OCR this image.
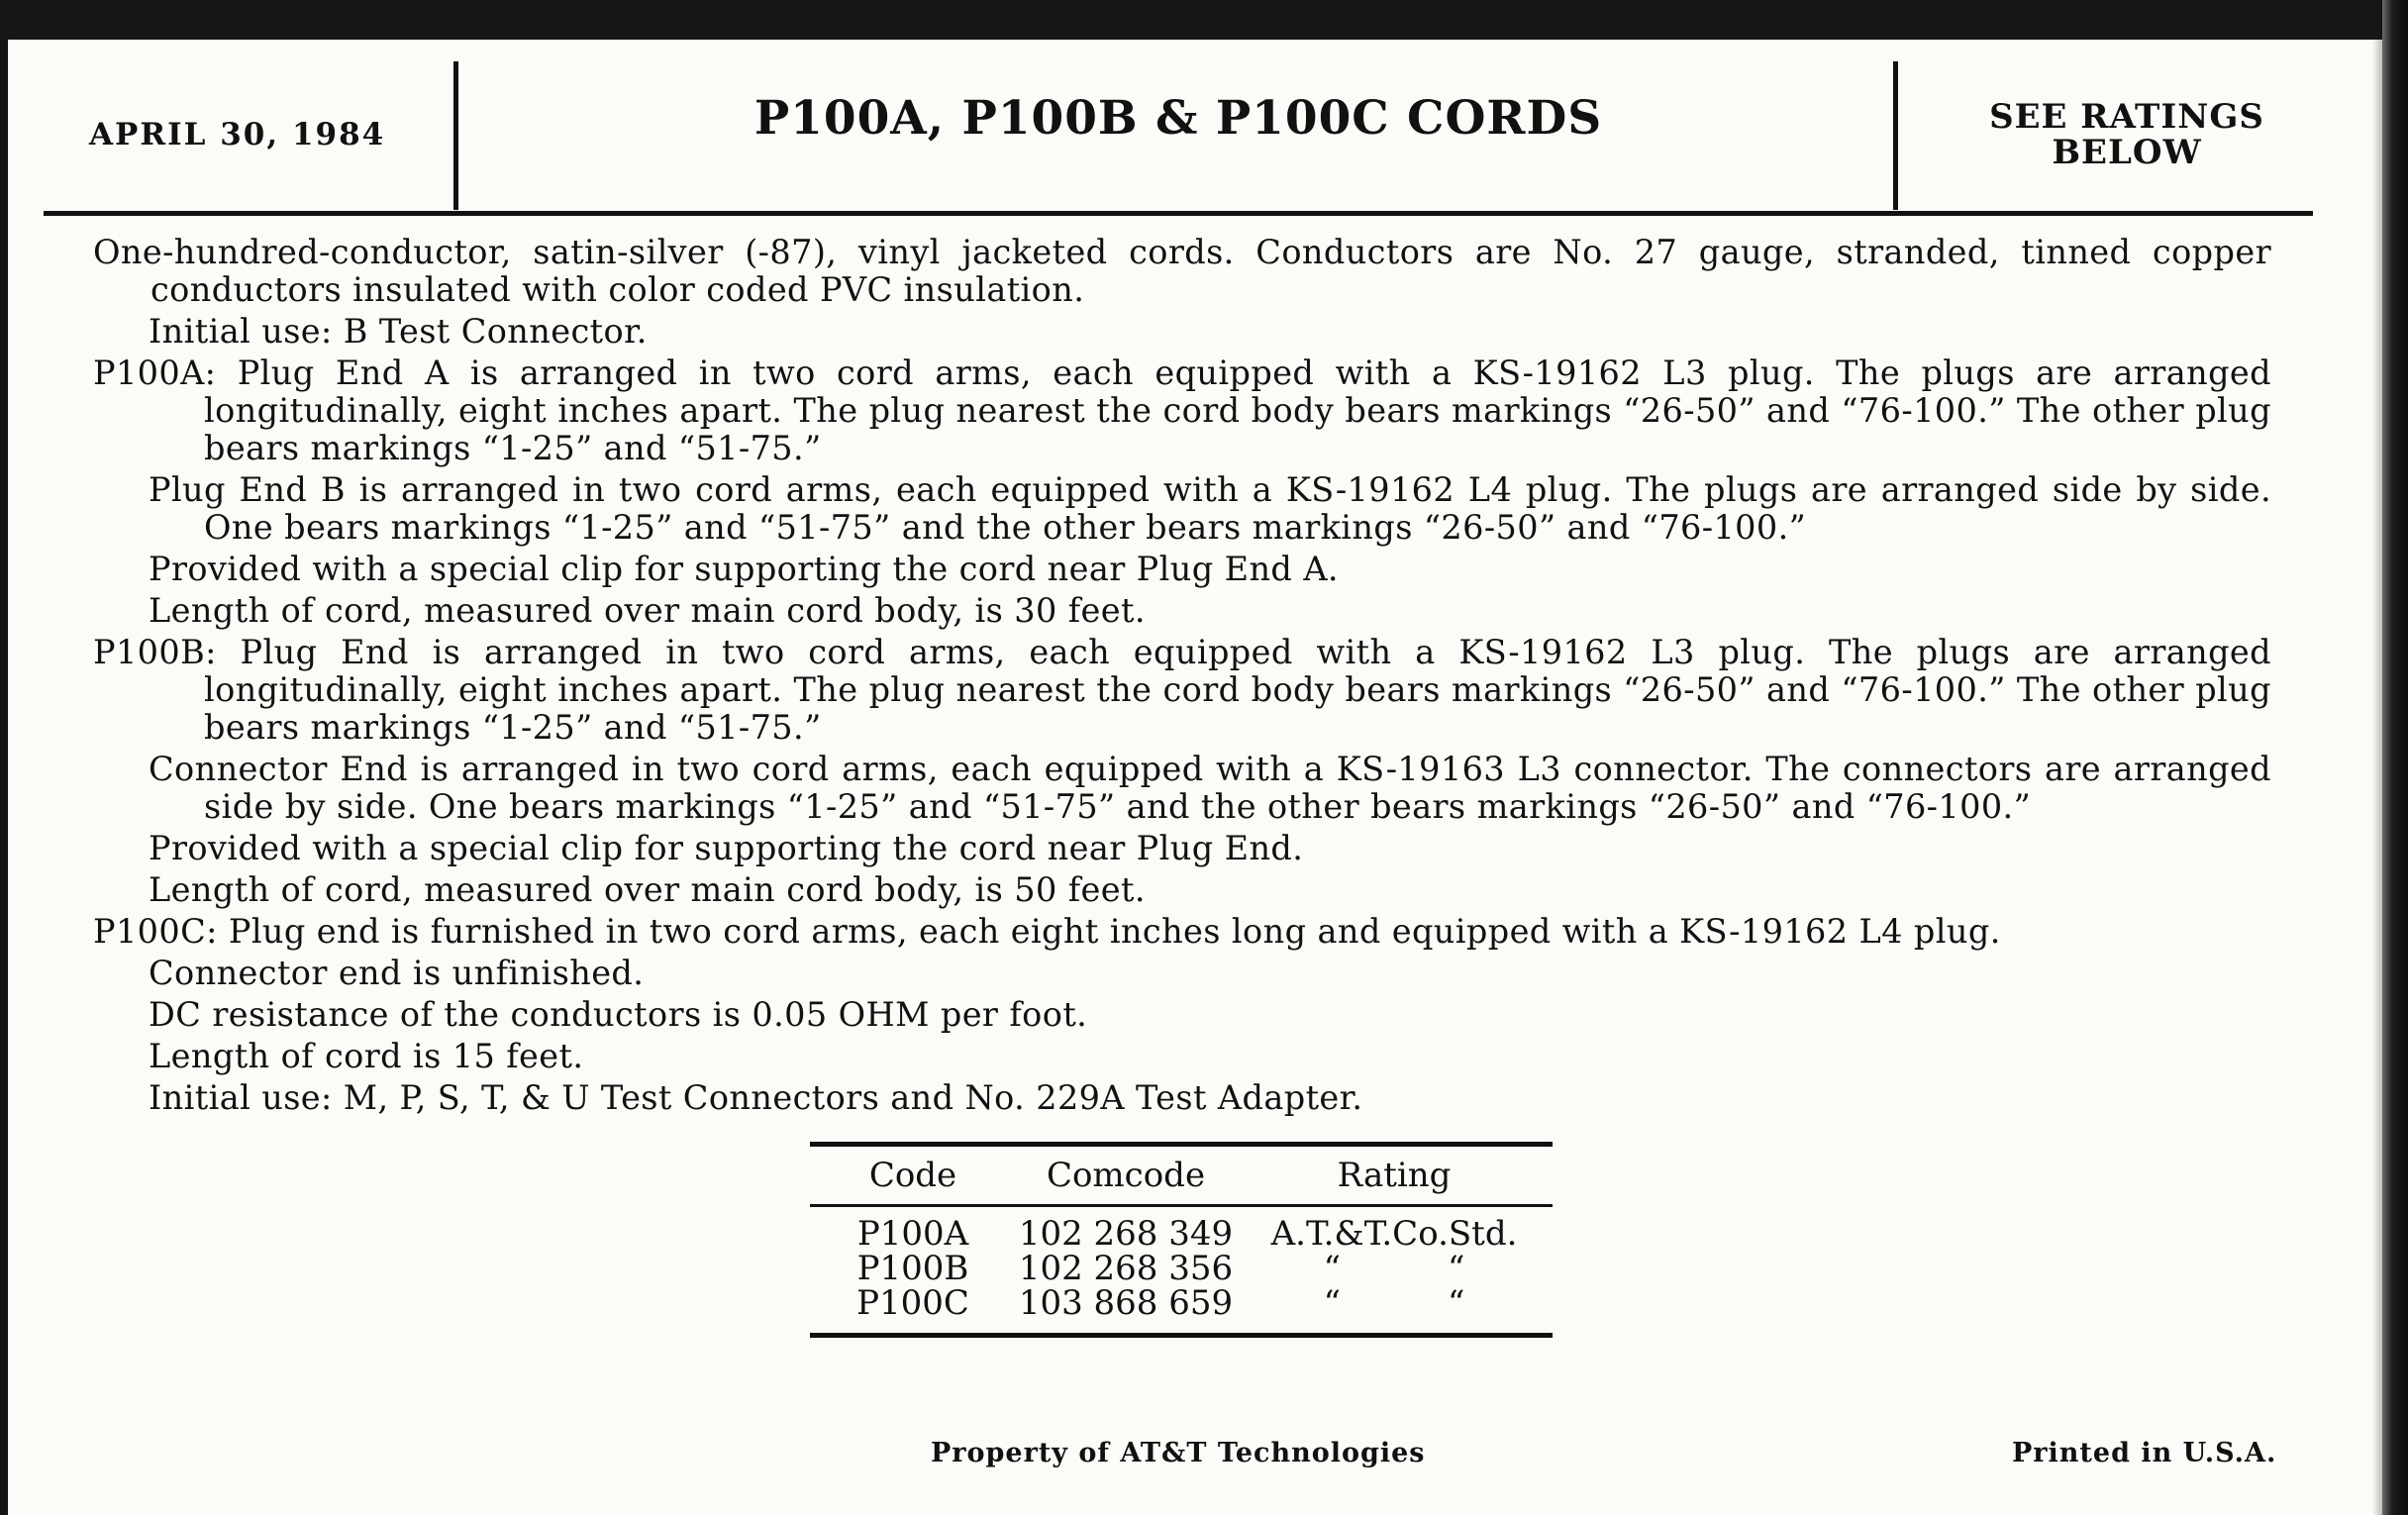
APRIL 30, 1984	P100A, P100B & P100C CORDS	SEE RATINGS
BELOW

One-hundred-conductor, satin-silver (-87), vinyl jacketed cords. Conductors are No. 27 gauge, stranded, tinned copper conductors insulated with color coded PVC insulation.

Initial use: B Test Connector.

P100A: Plug End A is arranged in two cord arms, each equipped with a KS-19162 L3 plug. The plugs are arranged longitudinally, eight inches apart. The plug nearest the cord body bears markings “26-50” and “76-100.” The other plug bears markings “1-25” and “51-75.”

Plug End B is arranged in two cord arms, each equipped with a KS-19162 L4 plug. The plugs are arranged side by side. One bears markings “1-25” and “51-75” and the other bears markings “26-50” and “76-100.”

Provided with a special clip for supporting the cord near Plug End A.

Length of cord, measured over main cord body, is 30 feet.

P100B: Plug End is arranged in two cord arms, each equipped with a KS-19162 L3 plug. The plugs are arranged longitudinally, eight inches apart. The plug nearest the cord body bears markings “26-50” and “76-100.” The other plug bears markings “1-25” and “51-75.”

Connector End is arranged in two cord arms, each equipped with a KS-19163 L3 connector. The connectors are arranged side by side. One bears markings “1-25” and “51-75” and the other bears markings “26-50” and “76-100.”

Provided with a special clip for supporting the cord near Plug End.

Length of cord, measured over main cord body, is 50 feet.

P100C: Plug end is furnished in two cord arms, each eight inches long and equipped with a KS-19162 L4 plug.

Connector end is unfinished.

DC resistance of the conductors is 0.05 OHM per foot.

Length of cord is 15 feet.

Initial use: M, P, S, T, & U Test Connectors and No. 229A Test Adapter.

Code	Comcode	Rating
P100A	102 268 349	A.T.&T.Co.Std.
P100B	102 268 356	“          “
P100C	103 868 659	“          “
Property of AT&T Technologies	Printed in U.S.A.
